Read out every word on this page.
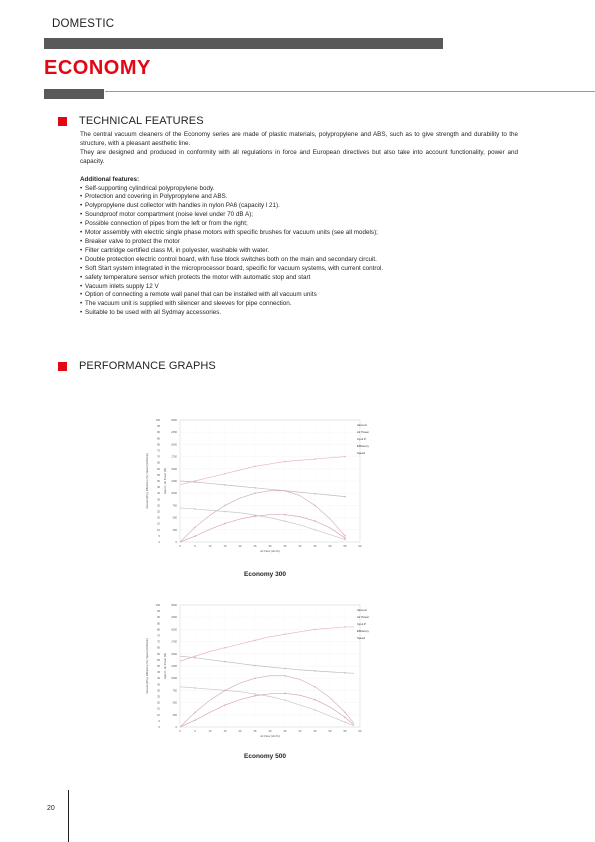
DOMESTIC
ECONOMY
TECHNICAL FEATURES

The central vacuum cleaners of the Economy series are made of plastic materials, polypropylene and ABS, such as to give strength and durability to the structure, with a pleasant aesthetic line.

They are designed and produced in conformity with all regulations in force and European directives but also take into account functionality, power and capacity.

Additional features:

• Self-supporting cylindrical polypropylene body.
• Protection and covering in Polypropylene and ABS.
• Polypropylene dust collector with handles in nylon PA6 (capacity l 21).
• Soundproof motor compartment (noise level under 70 dB A);
• Possible connection of pipes from the left or from the right;
• Motor assembly with electric single phase motors with specific brushes for vacuum units (see all models);
• Breaker valve to protect the motor
• Filter cartridge certified class M, in polyester, washable with water.
• Double protection electric control board, with fuse block switches both on the main and secondary circuit.
• Soft Start system integrated in the microprocessor board, specific for vacuum systems, with current control.
• safety temperature sensor which protects the motor with automatic stop and start
• Vacuum inlets supply 12 V
• Option of connecting a remote wall panel that can be installed with all vacuum units
• The vacuum unit is supplied with silencer and sleeves for pipe connection.
• Suitable to be used with all Sydmay accessories.
PERFORMANCE GRAPHS
0
5
10
15
20
25
30
35
40
45
50
55
60
65
70
75
80
85
90
95
100
0
250
500
750
1000
1250
1500
1750
2000
2250
2500
0	5	10	15	20	25	30	35	40	45	50	55	60
Air Flow (dm³/s)
Vacuum (kPa), Efficiency (%), Speed (1000/min)	Input P., Air Power (W)
Vacuum
Air Power
Input P.
Efficiency
Speed
Economy 300
0
5
10
15
20
25
30
35
40
45
50
55
60
65
70
75
80
85
90
95
100
0
250
500
750
1000
1250
1500
1750
2000
2250
2500
0	5	10	15	20	25	30	35	40	45	50	55	60
Air Flow (dm³/s)
Vacuum (kPa), Efficiency (%), Speed (1000/min)	Input P., Air Power (W)
Vacuum
Air Power
Input P.
Efficiency
Speed
Economy 500
20
